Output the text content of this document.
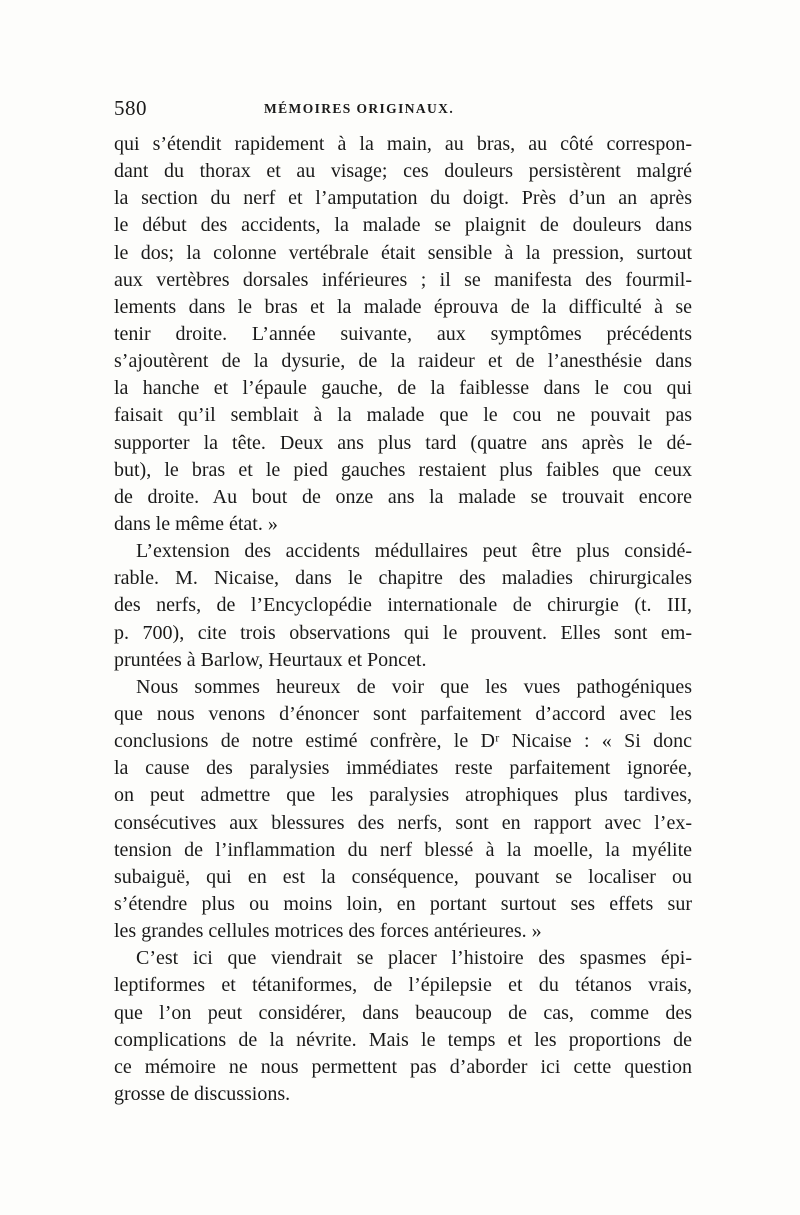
580	MÉMOIRES ORIGINAUX.
qui s’étendit rapidement à la main, au bras, au côté correspon-
dant du thorax et au visage; ces douleurs persistèrent malgré
la section du nerf et l’amputation du doigt. Près d’un an après
le début des accidents, la malade se plaignit de douleurs dans
le dos; la colonne vertébrale était sensible à la pression, surtout
aux vertèbres dorsales inférieures ; il se manifesta des fourmil-
lements dans le bras et la malade éprouva de la difficulté à se
tenir droite. L’année suivante, aux symptômes précédents
s’ajoutèrent de la dysurie, de la raideur et de l’anesthésie dans
la hanche et l’épaule gauche, de la faiblesse dans le cou qui
faisait qu’il semblait à la malade que le cou ne pouvait pas
supporter la tête. Deux ans plus tard (quatre ans après le dé-
but), le bras et le pied gauches restaient plus faibles que ceux
de droite. Au bout de onze ans la malade se trouvait encore
dans le même état. »
L’extension des accidents médullaires peut être plus considé-
rable. M. Nicaise, dans le chapitre des maladies chirurgicales
des nerfs, de l’Encyclopédie internationale de chirurgie (t. III,
p. 700), cite trois observations qui le prouvent. Elles sont em-
pruntées à Barlow, Heurtaux et Poncet.
Nous sommes heureux de voir que les vues pathogéniques
que nous venons d’énoncer sont parfaitement d’accord avec les
conclusions de notre estimé confrère, le Dʳ Nicaise : « Si donc
la cause des paralysies immédiates reste parfaitement ignorée,
on peut admettre que les paralysies atrophiques plus tardives,
consécutives aux blessures des nerfs, sont en rapport avec l’ex-
tension de l’inflammation du nerf blessé à la moelle, la myélite
subaiguë, qui en est la conséquence, pouvant se localiser ou
s’étendre plus ou moins loin, en portant surtout ses effets sur
les grandes cellules motrices des forces antérieures. »
C’est ici que viendrait se placer l’histoire des spasmes épi-
leptiformes et tétaniformes, de l’épilepsie et du tétanos vrais,
que l’on peut considérer, dans beaucoup de cas, comme des
complications de la névrite. Mais le temps et les proportions de
ce mémoire ne nous permettent pas d’aborder ici cette question
grosse de discussions.
